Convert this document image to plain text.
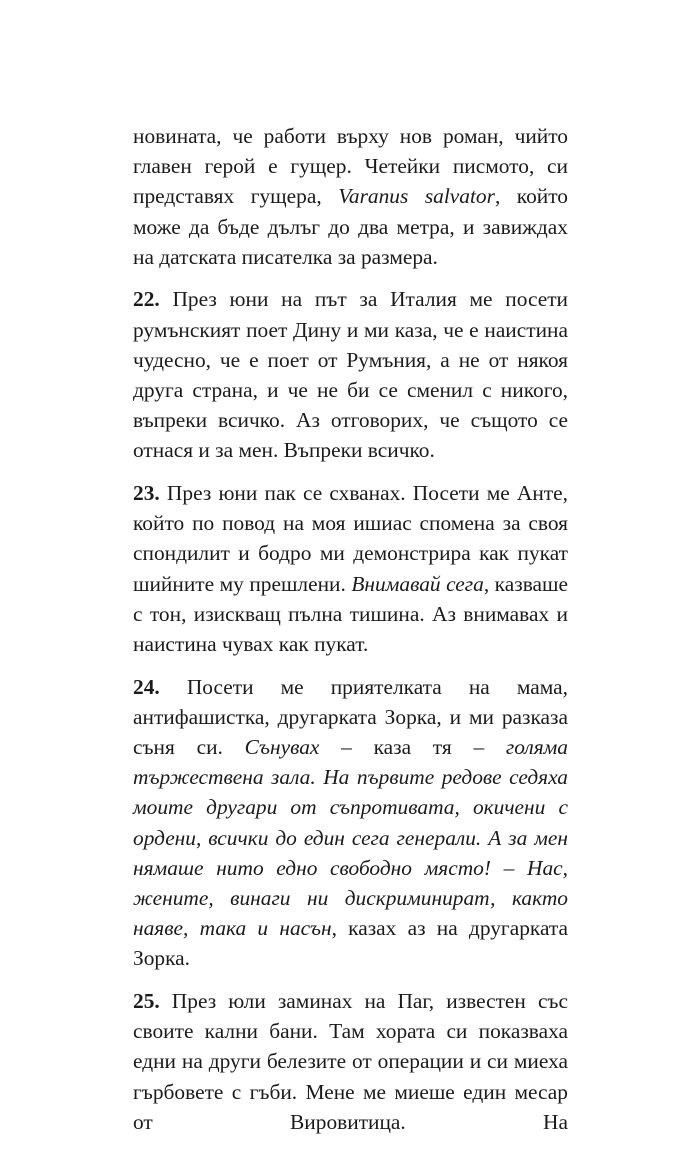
новината, че работи върху нов роман, чийто главен герой е гущер. Четейки писмото, си представях гущера, Varanus salvator, който може да бъде дълъг до два метра, и завиждах на датската писателка за размера.

22. През юни на път за Италия ме посети румънският поет Дину и ми каза, че е наистина чудесно, че е поет от Румъния, а не от някоя друга страна, и че не би се сменил с никого, въпреки всичко. Аз отговорих, че същото се отнася и за мен. Въпреки всичко.

23. През юни пак се схванах. Посети ме Анте, който по повод на моя ишиас спомена за своя спондилит и бодро ми демонстрира как пукат шийните му прешлени. Внимавай сега, казваше с тон, изискващ пълна тишина. Аз внимавах и наистина чувах как пукат.

24. Посети ме приятелката на мама, антифашистка, другарката Зорка, и ми разказа съня си. Сънувах – каза тя – голяма тържествена зала. На първите редове седяха моите другари от съпротивата, окичени с ордени, всички до един сега генерали. А за мен нямаше нито едно свободно място! – Нас, жените, винаги ни дискриминират, както наяве, така и насън, казах аз на другарката Зорка.

25. През юли заминах на Паг, известен със своите кални бани. Там хората си показваха едни на други белезите от операции и си миеха гърбовете с гъби. Мене ме миеше един месар от Вировитица. На
